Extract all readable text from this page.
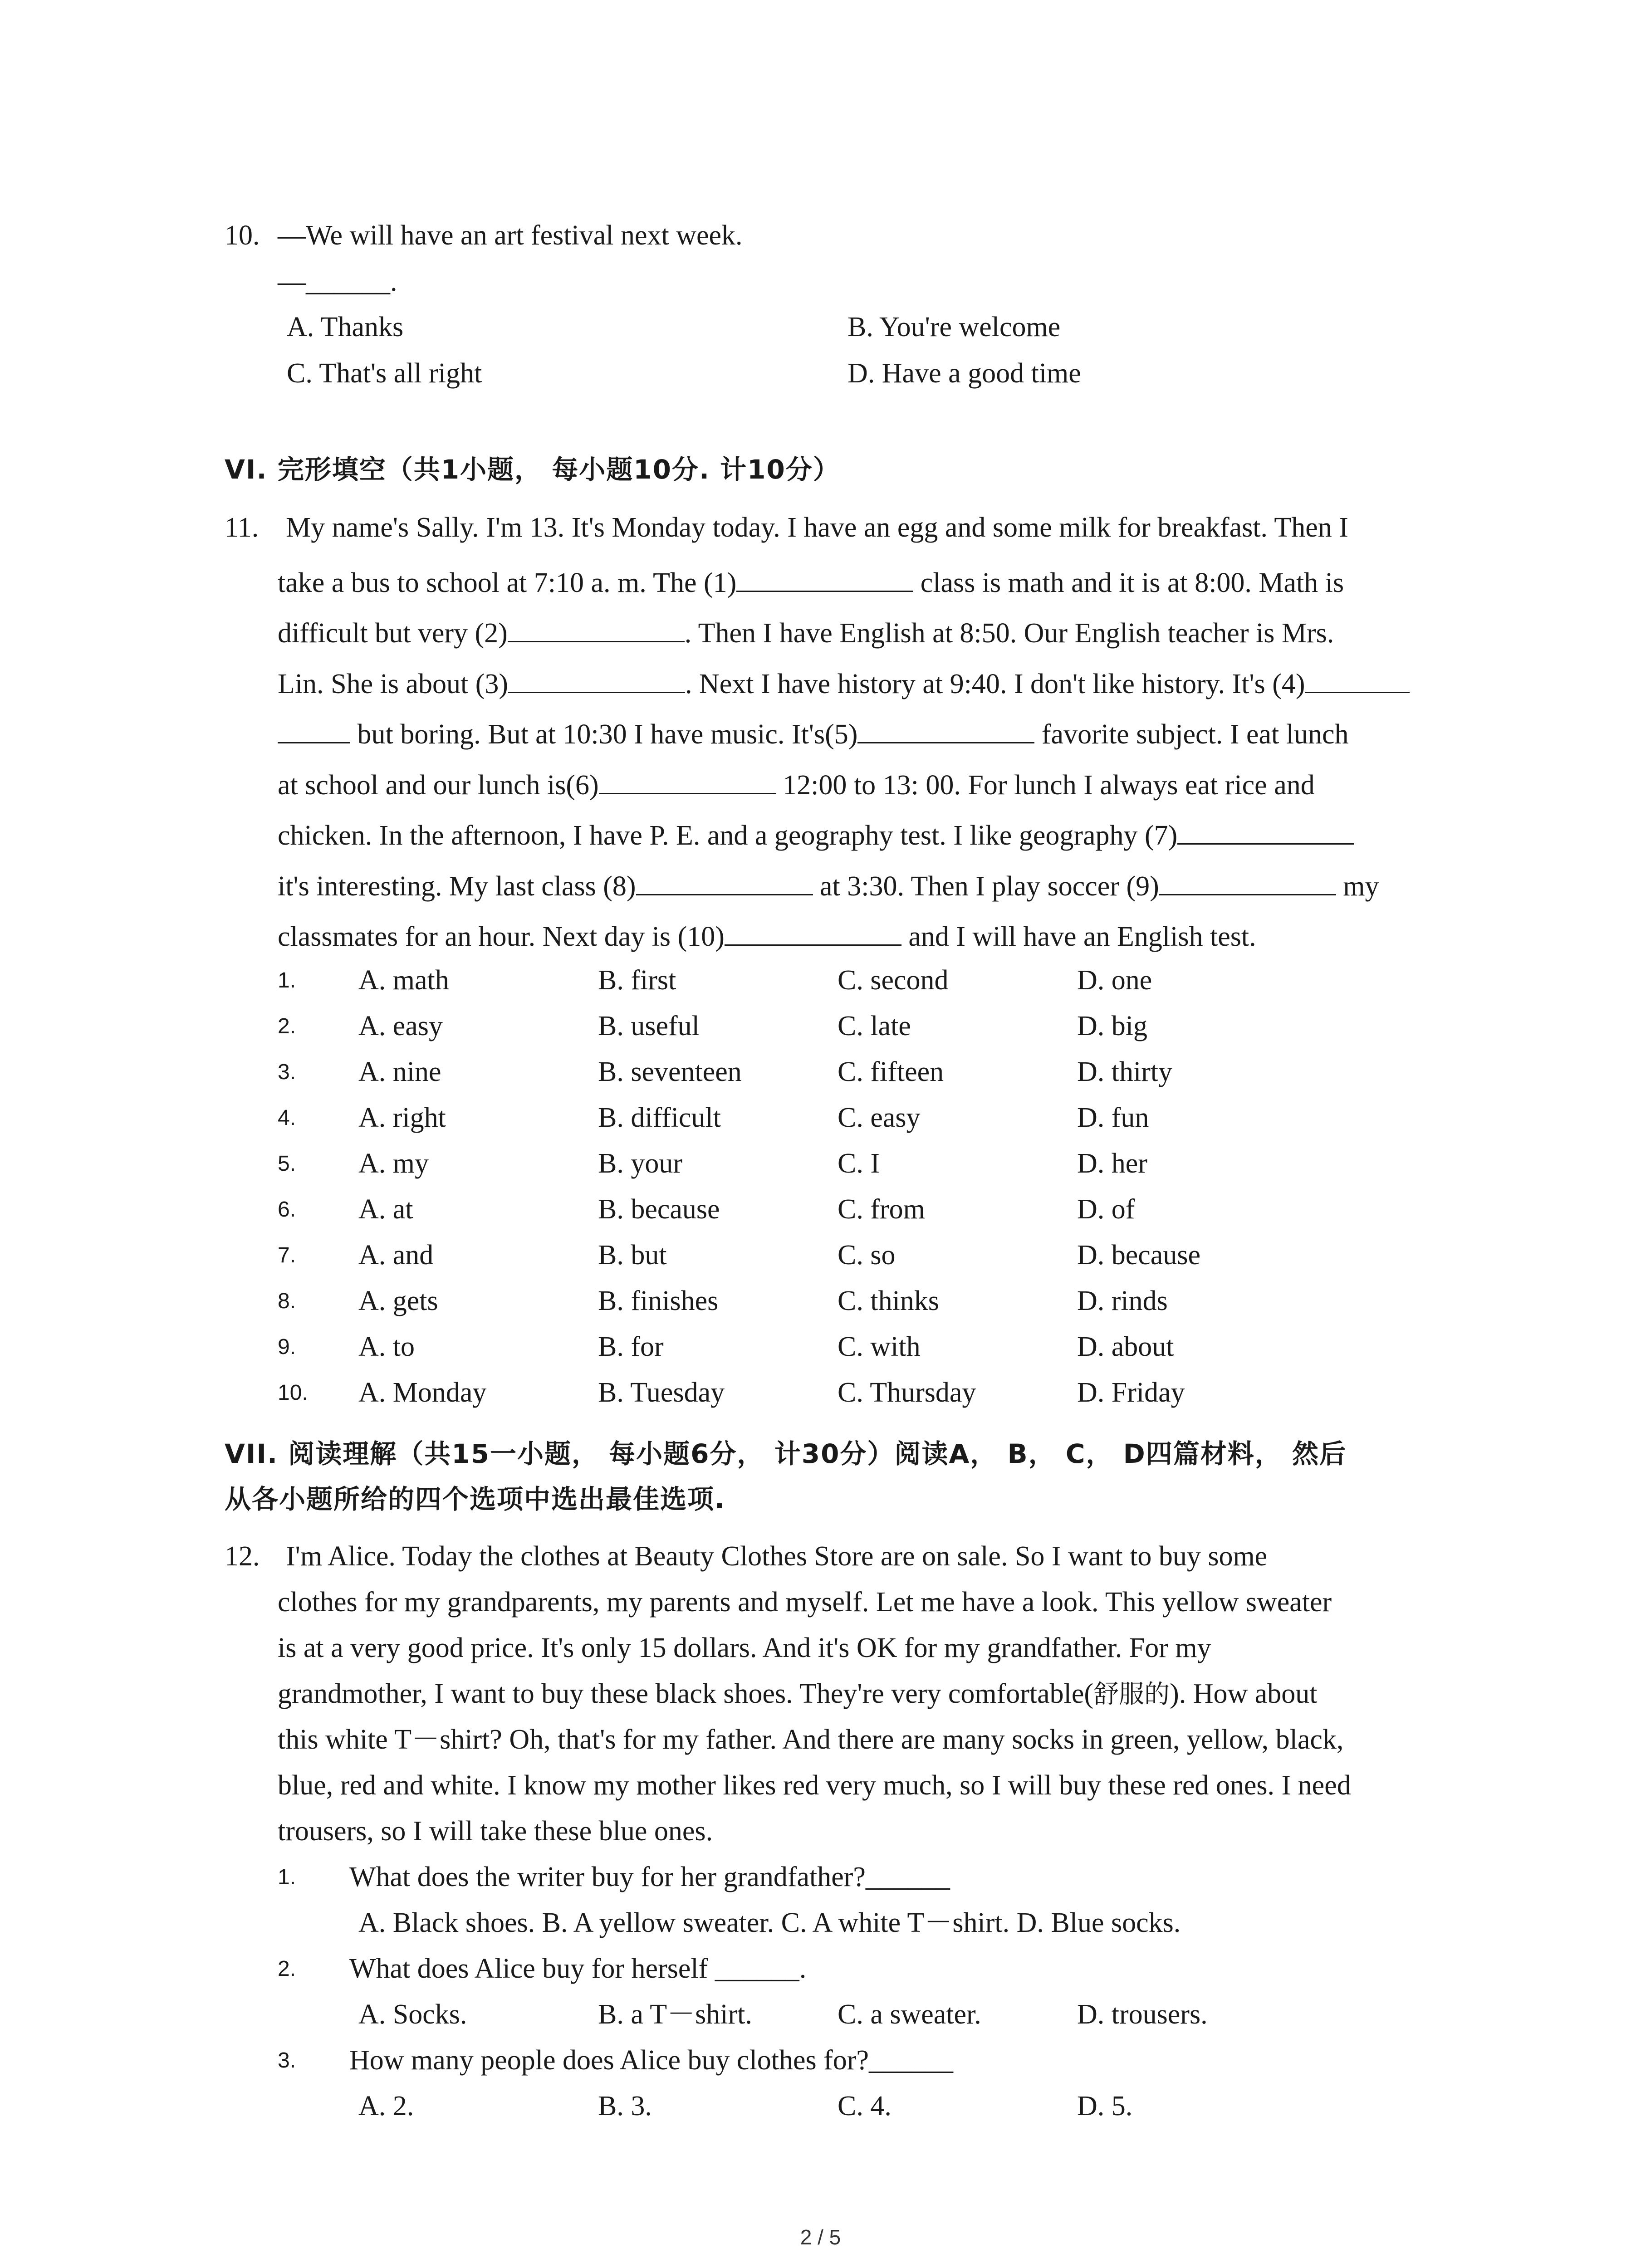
10. —We will have an art festival next week.
—______.
A. Thanks	B. You're welcome
C. That's all right	D. Have a good time
VI. 完形填空（共1小题， 每小题10分. 计10分）
11. My name's Sally. I'm 13. It's Monday today. I have an egg and some milk for breakfast. Then I
take a bus to school at 7:10 a. m. The (1)	class is math and it is at 8:00. Math is
difficult but very (2)	. Then I have English at 8:50. Our English teacher is Mrs.
Lin. She is about (3)	. Next I have history at 9:40. I don't like history. It's (4)
but boring. But at 10:30 I have music. It's(5)	favorite subject. I eat lunch
at school and our lunch is(6)	12:00 to 13: 00. For lunch I always eat rice and
chicken. In the afternoon, I have P. E. and a geography test. I like geography (7)
it's interesting. My last class (8)	at 3:30. Then I play soccer (9)	my
classmates for an hour. Next day is (10)	and I will have an English test.
1. A. math	B. first	C. second	D. one
2. A. easy	B. useful	C. late	D. big
3. A. nine	B. seventeen	C. fifteen	D. thirty
4. A. right	B. difficult	C. easy	D. fun
5. A. my	B. your	C. I	D. her
6. A. at	B. because	C. from	D. of
7. A. and	B. but	C. so	D. because
8. A. gets	B. finishes	C. thinks	D. rinds
9. A. to	B. for	C. with	D. about
10. A. Monday	B. Tuesday	C. Thursday	D. Friday
VII. 阅读理解（共15一小题， 每小题6分， 计30分）阅读A， B， C， D四篇材料， 然后
从各小题所给的四个选项中选出最佳选项.
12. I'm Alice. Today the clothes at Beauty Clothes Store are on sale. So I want to buy some
clothes for my grandparents, my parents and myself. Let me have a look. This yellow sweater
is at a very good price. It's only 15 dollars. And it's OK for my grandfather. For my
grandmother, I want to buy these black shoes. They're very comfortable(舒服的). How about
this white T－shirt? Oh, that's for my father. And there are many socks in green, yellow, black,
blue, red and white. I know my mother likes red very much, so I will buy these red ones. I need
trousers, so I will take these blue ones.
1. What does the writer buy for her grandfather?______
A. Black shoes. B. A yellow sweater. C. A white T－shirt. D. Blue socks.
2. What does Alice buy for herself ______.
A. Socks.	B. a T－shirt.	C. a sweater.	D. trousers.
3. How many people does Alice buy clothes for?______
A. 2.	B. 3.	C. 4.	D. 5.
2 / 5
